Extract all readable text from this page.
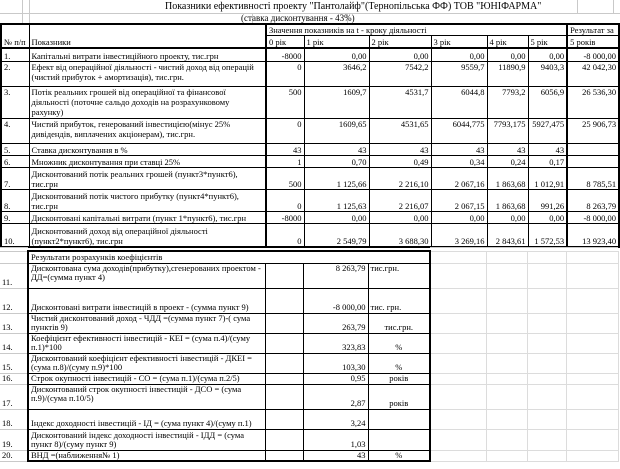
Показники ефективності проекту "Пантолайф"(Тернопільська ФФ) ТОВ "ЮНІФАРМА"
(ставка дисконтування - 43%)
№ п/п	Показники	Значення показників на t - кроку діяльності						Результат за
		0 рік	1 рік	2 рік	3 рік	4 рік	5 рік	5 років
1.	Капітальні витрати інвестиційного проекту, тис.грн	-8000	0,00	0,00	0,00	0,00	0,00	-8 000,00
2.	Ефект від операційної діяльності - чистий доход від операцій (чистий прибуток + амортизація), тис.грн.	0	3646,2	7542,2	9559,7	11890,9	9403,3	42 042,30
3.	Потік реальних грошей від операційної та фінансової діяльності (поточне сальдо доходів на розрахунковому рахунку)	500	1609,7	4531,7	6044,8	7793,2	6056,9	26 536,30
4.	Чистий прибуток, генерований інвестицією(мінус 25% дивідендів, виплачених акціонерам), тис.грн.	0	1609,65	4531,65	6044,775	7793,175	5927,475	25 906,73
5.	Ставка дисконтування в %	43	43	43	43	43	43	
6.	Множник дисконтування при ставці 25%	1	0,70	0,49	0,34	0,24	0,17	
7.	Дисконтований потік реальних грошей (пункт3*пункт6), тис.грн	500	1 125,66	2 216,10	2 067,16	1 863,68	1 012,91	8 785,51
8.	Дисконтований потік чистого прибутку (пункт4*пункт6), тис.грн	0	1 125,63	2 216,07	2 067,15	1 863,68	991,26	8 263,79
9.	Дисконтовані капітальні витрати (пункт 1*пункт6), тис.грн	-8000	0,00	0,00	0,00	0,00	0,00	-8 000,00
10.	Дисконтований доход від операційної діяльності (пункт2*пункт6), тис.грн	0	2 549,79	3 688,30	3 269,16	2 843,61	1 572,53	13 923,40
	Результати розрахунків коефіцієнтів							
11.	Дисконтована сума доходів(прибутку),сгенерованих проектом - ДД=(сумма пункт 4)		8 263,79	тис.грн.				
12.	Дисконтовані витрати інвестицій в проект - (сумма пункт 9)		-8 000,00	тис. грн.				
13.	Чистий дисконтований доход - ЧДД =(сумма пункт 7)-( сума пунктів 9)		263,79	тис.грн.				
14.	Коефіцієнт ефективності інвестицій - КЕІ = (сума п.4)/(суму п.1)*100		323,83	%				
15.	Дисконтований коефіцієнт ефективності інвестицій - ДКЕІ = (сума п.8)/(суму п.9)*100		103,30	%				
16.	Строк окупності інвестицій - СО = (сума п.1)/(сума п.2/5)		0,95	років				
17.	Дисконтований строк окупності інвестицій - ДСО = (сума п.9)/(сума п.10/5)		2,87	років				
18.	Індекс доходності інвестицій - ІД = (сума пункт 4)/(суму п.1)		3,24					
19.	Дисконтований індекс доходності інвестицій - ІДД = (сума пункт 8)/(суму пункт 9)		1,03					
20.	ВНД =(наближення№ 1)		43	%				
